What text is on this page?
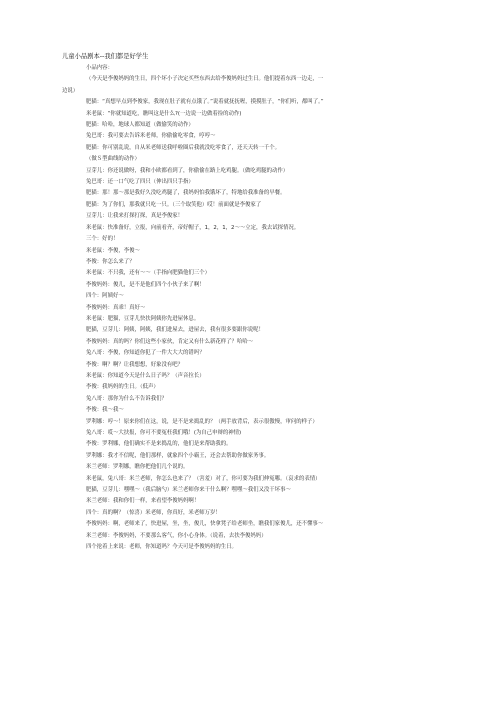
儿童小品剧本--我们都是好学生
小品内容：
（今天是李俊妈妈的生日，四个坏小子决定买些东西去给李俊妈妈过生日。他们提着东西一边走，一
边说）
肥猫：“真想早点到李俊家，我现在肚子就有点饿了。”说着就抚抚喔，摸摸肚子，“你们听，都叫了。”
米老鼠：“你就知道吃，瞧叫这是什么?(一边说一边做着捡的动作)
肥猫：哈哈，地球人都知道（做偷笑的动作）
兔巴哥：我可要去告诉米老师，你偷偷吃零食，哼哼～
肥猫：你可别乱说，自从米老师送我呼啦圈后我就没吃零食了，还天天转一千个。
（做Ｓ型曲线的动作）
豆芽儿：你还说做呀，我和小欧都看到了，你偷偷在路上吃鸡腿。（做吃鸡腿的动作）
兔巴哥：还一口气吃了四只（伸出四只手指）
肥猫：那！那～那是我好久没吃鸡腿了，我妈妈怕我饿坏了，特地给我准备的早餐。
肥猫：为了你们，那我就只吃一只。（三个取笑他）哎！前面就是李俊家了
豆芽儿：让我来打探打探，真是李俊家！
米老鼠：快准备好，立报，向前看齐，帝好帽子，1，2，1，2～～立定，我去试探情况。
三个：好的！
米老鼠：李俊，李俊～
李俊：你怎么来了？
米老鼠：不只我，还有～～（手指向肥猫他们三个）
李俊妈妈：俊儿，是不是他们四个小伙子来了啊！
四个：阿姨好～
李俊妈妈：真乖！真好～
米老鼠：肥猫，豆芽儿快扶阿姨你先进屋休息。
肥猫，豆芽儿：阿姨，阿姨，我们进屋去，进屋去，我有很多要跟你说呢！
李俊妈妈：真的吗？你们这些小家伙，肯定又有什么新花样了？哈哈～
兔八哥：李俊，你知道你犯了一件大大大的错吗？
李俊：啊？啊？让我想想，好象没有吧？
米老鼠：你知道今天是什么日子吗？（声音拉长）
李俊：我妈妈的生日。（低声）
兔八哥：那你为什么不告诉我们？
李俊：我～我～
罗利娜：哼～！原来你们在这，说，是不是来捣乱的？（两手放背后，表示很傲慢，审问的样子）
兔八哥：哎～大扶报，你可不要冤枉我们哦！(为自己申辩的神情)
李俊：罗利娜，他们确实不是来捣乱的，他们是来帮助我的。
罗利娜：我才不信呢，他们那样，就象四个小霸王，还会去帮助你做家务事。
米兰老师：罗利娜，瞧你把他们几个说的。
米老鼠，兔八哥：米兰老师，你怎么也来了？（害羞）对了，你可要为我们伸冤哪。（哀求的表情）
肥猫，豆芽儿：嘿嘿～（我后脑勺）米兰老师你来干什么啊？嘿嘿～我们又没干坏事～
米兰老师：我和你们一样，来看望李俊妈妈啊！
四个：真的啊？（惊喜）米老师，你真好，米老师万岁！
李俊妈妈：啊，老师来了，快进屋，坐，坐，俊儿，快拿凳子给老师坐，瞧我们家俊儿，还不懂事～
米兰老师：李俊妈妈，不要那么客气，你小心身体。（说着，去扶李俊妈妈）
四个抢着上来说：老师，你知道吗？今天可是李俊妈妈的生日。
